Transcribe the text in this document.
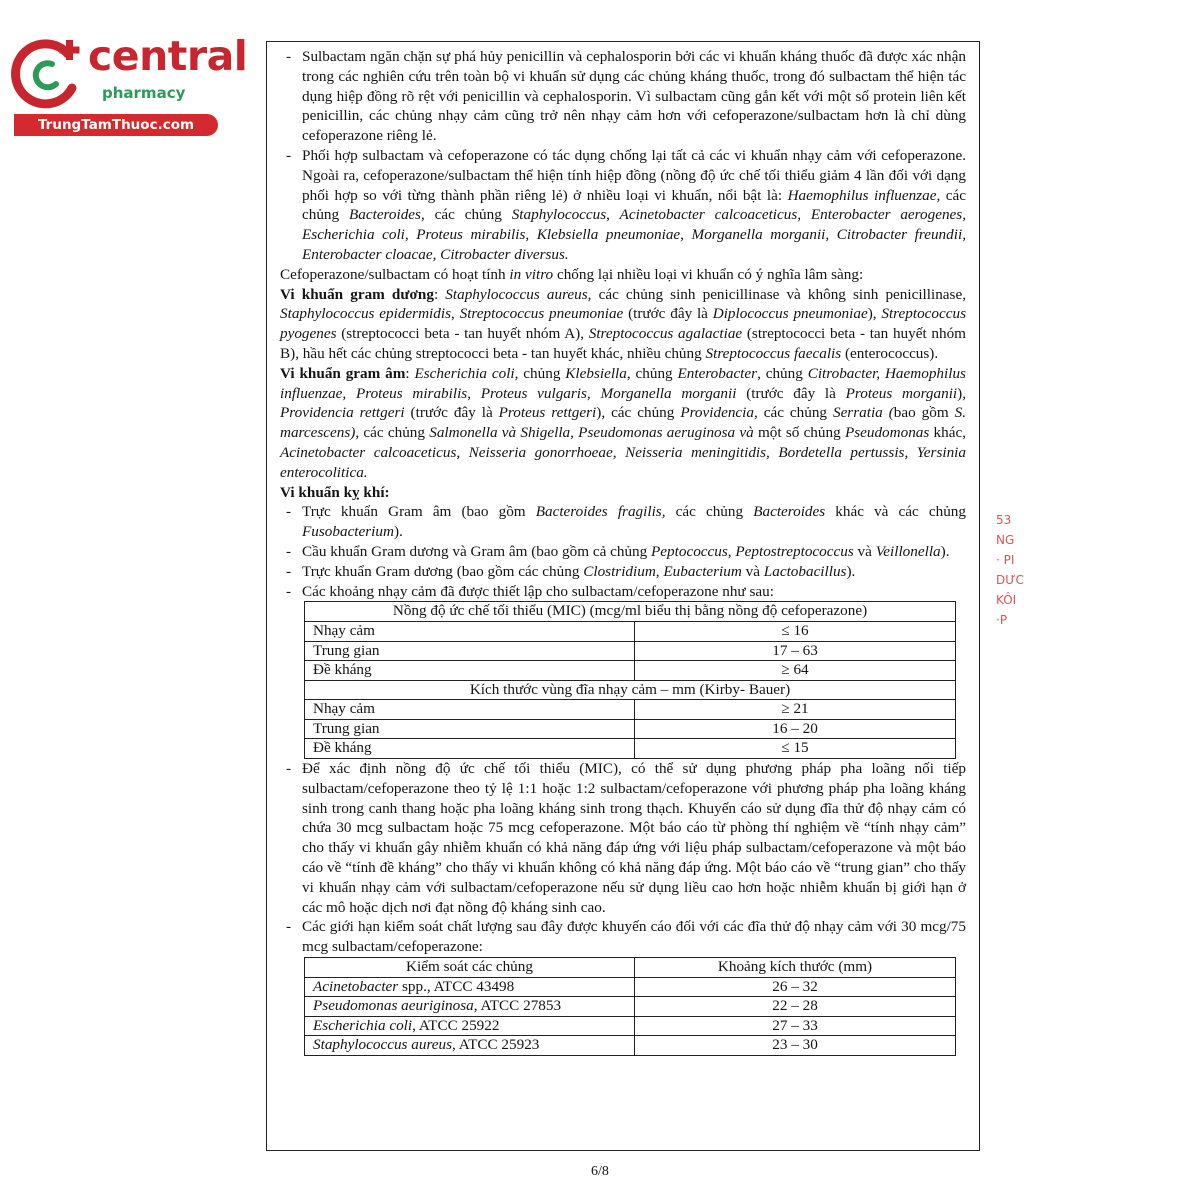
central
pharmacy
TrungTamThuoc.com
53
NG
· PI
DƯC
KÔI
·P

- Sulbactam ngăn chặn sự phá hủy penicillin và cephalosporin bởi các vi khuẩn kháng thuốc đã được xác nhận trong các nghiên cứu trên toàn bộ vi khuẩn sử dụng các chủng kháng thuốc, trong đó sulbactam thể hiện tác dụng hiệp đồng rõ rệt với penicillin và cephalosporin. Vì sulbactam cũng gắn kết với một số protein liên kết penicillin, các chủng nhạy cảm cũng trở nên nhạy cảm hơn với cefoperazone/sulbactam hơn là chỉ dùng cefoperazone riêng lẻ.

- Phối hợp sulbactam và cefoperazone có tác dụng chống lại tất cả các vi khuẩn nhạy cảm với cefoperazone. Ngoài ra, cefoperazone/sulbactam thể hiện tính hiệp đồng (nồng độ ức chế tối thiểu giảm 4 lần đối với dạng phối hợp so với từng thành phần riêng lẻ) ở nhiều loại vi khuẩn, nổi bật là: Haemophilus influenzae, các chủng Bacteroides, các chủng Staphylococcus, Acinetobacter calcoaceticus, Enterobacter aerogenes, Escherichia coli, Proteus mirabilis, Klebsiella pneumoniae, Morganella morganii, Citrobacter freundii, Enterobacter cloacae, Citrobacter diversus.

Cefoperazone/sulbactam có hoạt tính in vitro chống lại nhiều loại vi khuẩn có ý nghĩa lâm sàng:

Vi khuẩn gram dương: Staphylococcus aureus, các chủng sinh penicillinase và không sinh penicillinase, Staphylococcus epidermidis, Streptococcus pneumoniae (trước đây là Diplococcus pneumoniae), Streptococcus pyogenes (streptococci beta - tan huyết nhóm A), Streptococcus agalactiae (streptococci beta - tan huyết nhóm B), hầu hết các chủng streptococci beta - tan huyết khác, nhiều chủng Streptococcus faecalis (enterococcus).

Vi khuẩn gram âm: Escherichia coli, chủng Klebsiella, chủng Enterobacter, chủng Citrobacter, Haemophilus influenzae, Proteus mirabilis, Proteus vulgaris, Morganella morganii (trước đây là Proteus morganii), Providencia rettgeri (trước đây là Proteus rettgeri), các chủng Providencia, các chủng Serratia (bao gồm S. marcescens), các chủng Salmonella và Shigella, Pseudomonas aeruginosa và một số chủng Pseudomonas khác, Acinetobacter calcoaceticus, Neisseria gonorrhoeae, Neisseria meningitidis, Bordetella pertussis, Yersinia enterocolitica.

Vi khuẩn kỵ khí:

- Trực khuẩn Gram âm (bao gồm Bacteroides fragilis, các chủng Bacteroides khác và các chủng Fusobacterium).

- Cầu khuẩn Gram dương và Gram âm (bao gồm cả chủng Peptococcus, Peptostreptococcus và Veillonella).

- Trực khuẩn Gram dương (bao gồm các chủng Clostridium, Eubacterium và Lactobacillus).

- Các khoảng nhạy cảm đã được thiết lập cho sulbactam/cefoperazone như sau:

Nồng độ ức chế tối thiểu (MIC) (mcg/ml biểu thị bằng nồng độ cefoperazone)	
Nhạy cảm	≤ 16
Trung gian	17 – 63
Đề kháng	≥ 64
Kích thước vùng đĩa nhạy cảm – mm (Kirby- Bauer)	
Nhạy cảm	≥ 21
Trung gian	16 – 20
Đề kháng	≤ 15

- Để xác định nồng độ ức chế tối thiểu (MIC), có thể sử dụng phương pháp pha loãng nối tiếp sulbactam/cefoperazone theo tỷ lệ 1:1 hoặc 1:2 sulbactam/cefoperazone với phương pháp pha loãng kháng sinh trong canh thang hoặc pha loãng kháng sinh trong thạch. Khuyến cáo sử dụng đĩa thử độ nhạy cảm có chứa 30 mcg sulbactam hoặc 75 mcg cefoperazone. Một báo cáo từ phòng thí nghiệm về “tính nhạy cảm” cho thấy vi khuẩn gây nhiễm khuẩn có khả năng đáp ứng với liệu pháp sulbactam/cefoperazone và một báo cáo về “tính đề kháng” cho thấy vi khuẩn không có khả năng đáp ứng. Một báo cáo về “trung gian” cho thấy vi khuẩn nhạy cảm với sulbactam/cefoperazone nếu sử dụng liều cao hơn hoặc nhiễm khuẩn bị giới hạn ở các mô hoặc dịch nơi đạt nồng độ kháng sinh cao.

- Các giới hạn kiểm soát chất lượng sau đây được khuyến cáo đối với các đĩa thử độ nhạy cảm với 30 mcg/75 mcg sulbactam/cefoperazone:

Kiểm soát các chủng	Khoảng kích thước (mm)
Acinetobacter spp., ATCC 43498	26 – 32
Pseudomonas aeuriginosa, ATCC 27853	22 – 28
Escherichia coli, ATCC 25922	27 – 33
Staphylococcus aureus, ATCC 25923	23 – 30
6/8
